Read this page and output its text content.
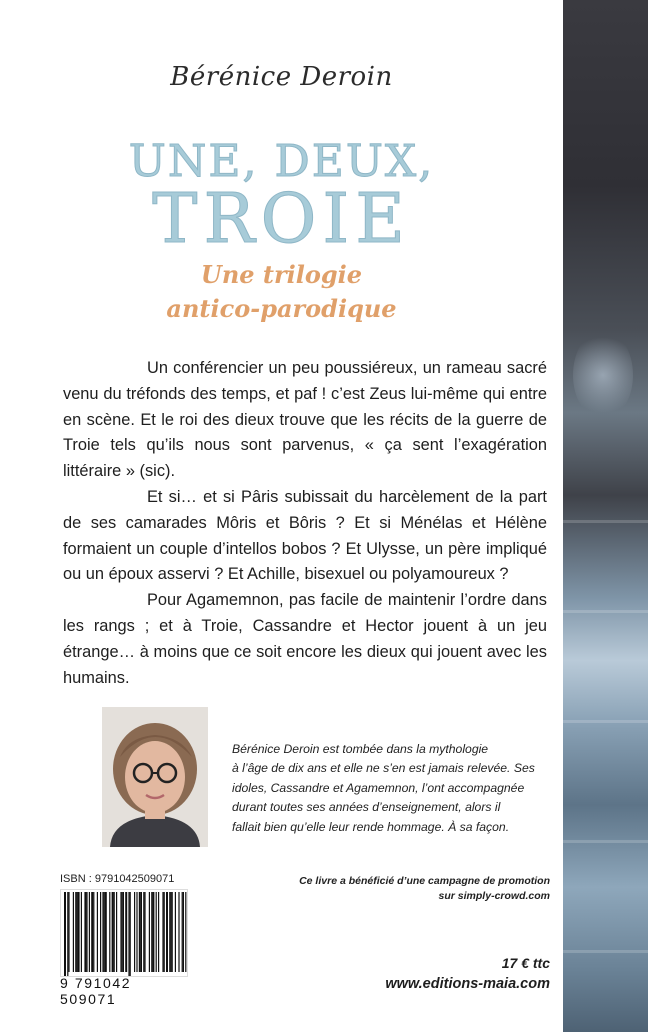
Bérénice Deroin
UNE, DEUX,
TROIE
Une trilogie
antico-parodique

Un conférencier un peu poussiéreux, un rameau sacré venu du tréfonds des temps, et paf ! c’est Zeus lui-même qui entre en scène. Et le roi des dieux trouve que les récits de la guerre de Troie tels qu’ils nous sont parvenus, « ça sent l’exagération littéraire » (sic).

Et si… et si Pâris subissait du harcèlement de la part de ses camarades Môris et Bôris ? Et si Ménélas et Hélène formaient un couple d’intellos bobos ? Et Ulysse, un père impliqué ou un époux asservi ? Et Achille, bisexuel ou polyamoureux ?

Pour Agamemnon, pas facile de maintenir l’ordre dans les rangs ; et à Troie, Cassandre et Hector jouent à un jeu étrange… à moins que ce soit encore les dieux qui jouent avec les humains.

Bérénice Deroin est tombée dans la mythologie
à l’âge de dix ans et elle ne s’en est jamais relevée. Ses
idoles, Cassandre et Agamemnon, l’ont accompagnée
durant toutes ses années d’enseignement, alors il
fallait bien qu’elle leur rende hommage. À sa façon.
ISBN : 9791042509071
9 791042 509071
Ce livre a bénéficié d’une campagne de promotion
sur simply-crowd.com
17 € ttc
www.editions-maia.com
